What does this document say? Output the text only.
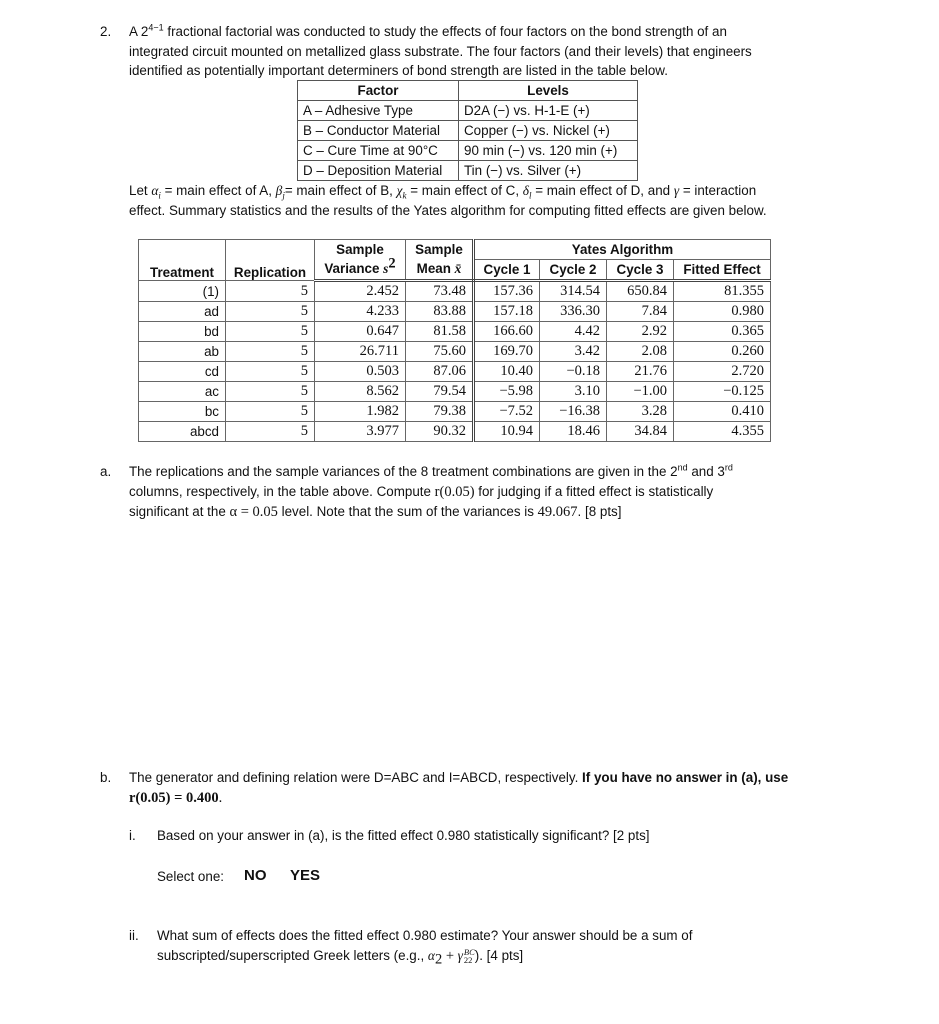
2. A $2^{4-1}$ fractional factorial was conducted to study the effects of four factors on the bond strength of an
integrated circuit mounted on metallized glass substrate. The four factors (and their levels) that engineers
identified as potentially important determiners of bond strength are listed in the table below.
Factor	Levels
A – Adhesive Type	D2A (−) vs. H-1-E (+)
B – Conductor Material	Copper (−) vs. Nickel (+)
C – Cure Time at 90°C	90 min (−) vs. 120 min (+)
D – Deposition Material	Tin (−) vs. Silver (+)
Let $\alpha_i$ = main effect of A, $\beta_j=$ main effect of B, $\chi_k$ = main effect of C, $\delta_l$ = main effect of D, and γ = interaction
effect. Summary statistics and the results of the Yates algorithm for computing fitted effects are given below.
Treatment	Replication	Sample	Sample	Yates Algorithm			
		Variance $s^2$	Mean x̄	Cycle 1	Cycle 2	Cycle 3	Fitted Effect
(1)	5	2.452	73.48	157.36	314.54	650.84	81.355
ad	5	4.233	83.88	157.18	336.30	7.84	0.980
bd	5	0.647	81.58	166.60	4.42	2.92	0.365
ab	5	26.711	75.60	169.70	3.42	2.08	0.260
cd	5	0.503	87.06	10.40	−0.18	21.76	2.720
ac	5	8.562	79.54	−5.98	3.10	−1.00	−0.125
bc	5	1.982	79.38	−7.52	−16.38	3.28	0.410
abcd	5	3.977	90.32	10.94	18.46	34.84	4.355
a. The replications and the sample variances of the 8 treatment combinations are given in the 2nd and 3rd
columns, respectively, in the table above. Compute r(0.05) for judging if a fitted effect is statistically
significant at the α = 0.05 level. Note that the sum of the variances is 49.067. [8 pts]
b. The generator and defining relation were D=ABC and I=ABCD, respectively. If you have no answer in (a), use
r(0.05) = 0.400.
i. Based on your answer in (a), is the fitted effect 0.980 statistically significant? [2 pts]
Select one: NO YES
ii. What sum of effects does the fitted effect 0.980 estimate? Your answer should be a sum of
subscripted/superscripted Greek letters (e.g., $\alpha_2 + \gamma$ BC
22 ). [4 pts]
